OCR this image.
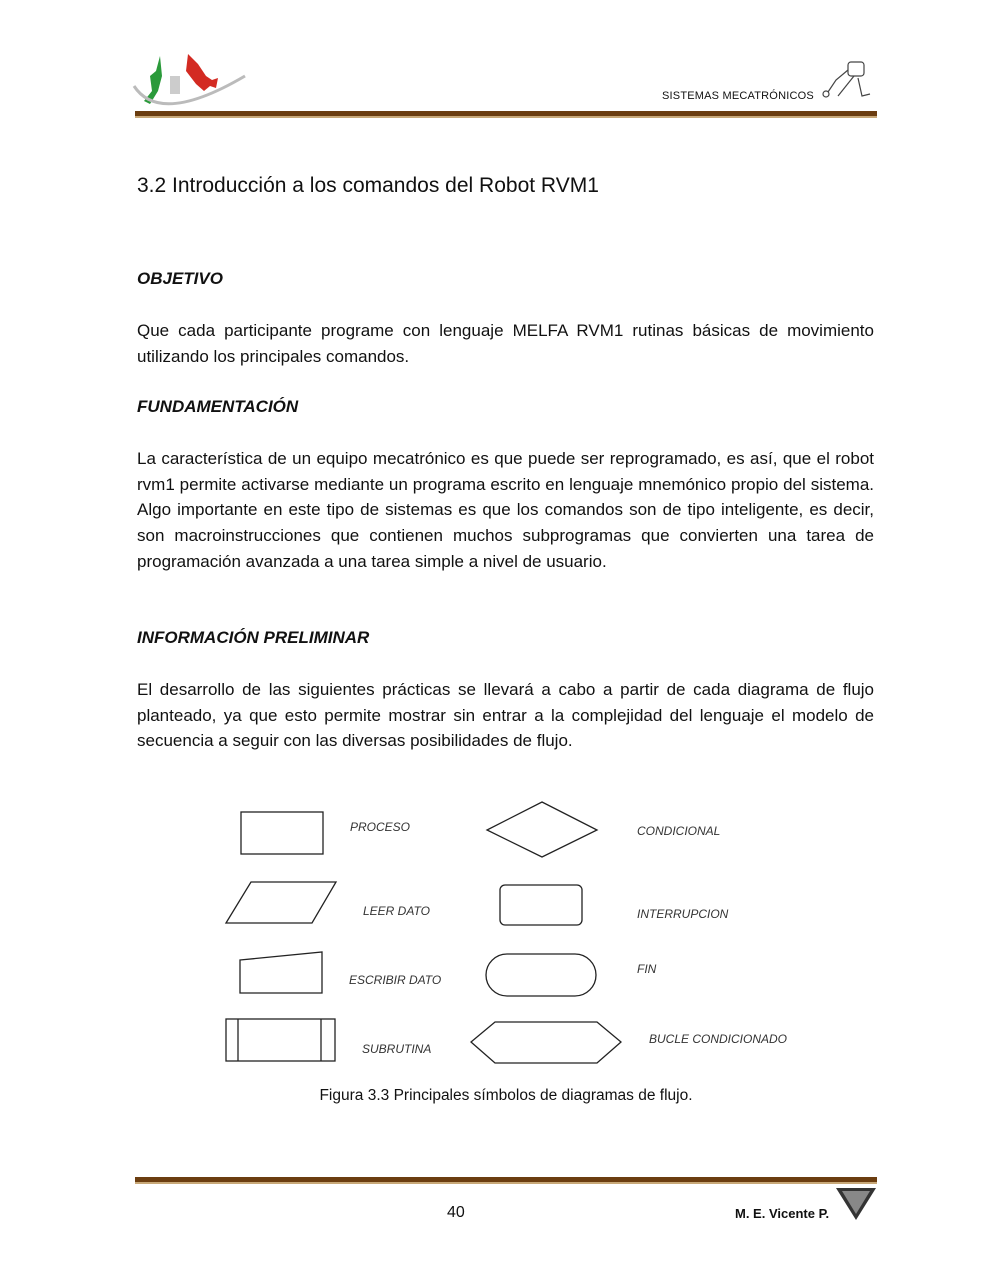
SISTEMAS MECATRÓNICOS
3.2 Introducción a los comandos del Robot RVM1
OBJETIVO

Que cada participante programe con lenguaje MELFA RVM1 rutinas básicas de movimiento utilizando los principales comandos.

FUNDAMENTACIÓN

La característica de un equipo mecatrónico es que puede ser reprogramado, es así, que el robot rvm1 permite activarse mediante un programa escrito en lenguaje mnemónico propio del sistema. Algo importante en este tipo de sistemas es que los comandos son de tipo inteligente, es decir, son macroinstrucciones que contienen muchos subprogramas que convierten una tarea de programación avanzada a una tarea simple a nivel de usuario.

INFORMACIÓN PRELIMINAR

El desarrollo de las siguientes prácticas se llevará a cabo a partir de cada diagrama de flujo planteado, ya que esto permite mostrar sin entrar a la complejidad del lenguaje el modelo de secuencia a seguir con las diversas posibilidades de flujo.

PROCESO	CONDICIONAL
LEER DATO	INTERRUPCION
ESCRIBIR DATO
FIN
SUBRUTINA
BUCLE CONDICIONADO
Figura 3.3 Principales símbolos de diagramas de flujo.
40	M. E. Vicente P.
